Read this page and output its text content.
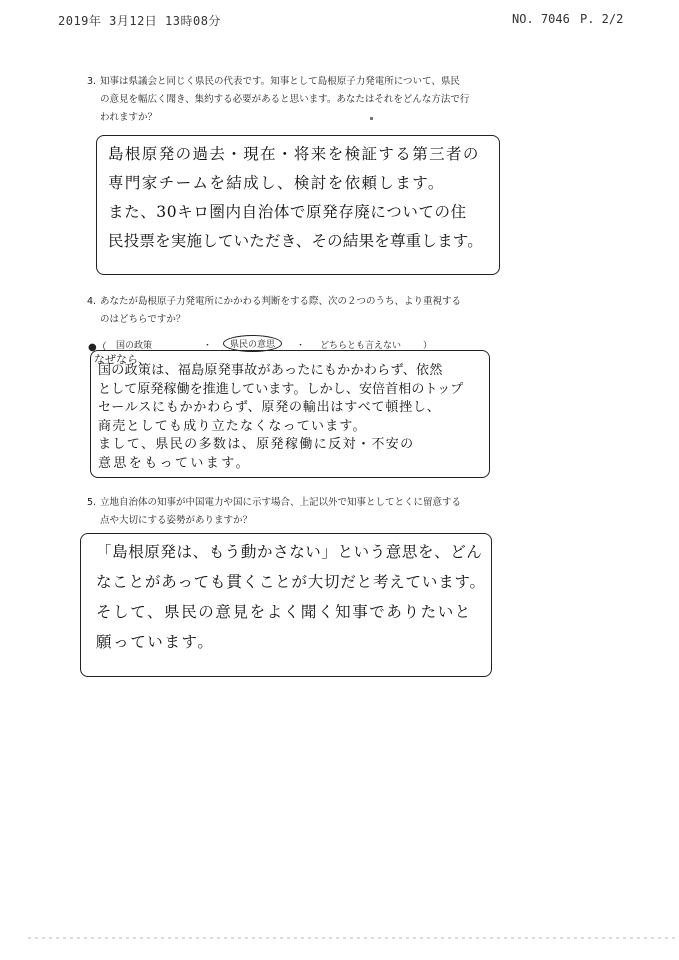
2019年 3月12日 13時08分	NO. 7046 P. 2/2
3. 知事は県議会と同じく県民の代表です。知事として島根原子力発電所について、県民
の意見を幅広く聞き、集約する必要があると思います。あなたはそれをどんな方法で行
われますか？

島根原発の過去・現在・将来を検証する第三者の

専門家チームを結成し、検討を依頼します。

また、30キロ圏内自治体で原発存廃についての住

民投票を実施していただき、その結果を尊重します。

4. あなたが島根原子力発電所にかかわる判断をする際、次の２つのうち、より重視する
のはどちらですか？
●（ 国の政策	・	県民の意思	・ どちらとも言えない ）
なぜなら、

国の政策は、福島原発事故があったにもかかわらず、依然

として原発稼働を推進しています。しかし、安倍首相のトップ

セールスにもかかわらず、原発の輸出はすべて頓挫し、

商売としても成り立たなくなっています。

まして、県民の多数は、原発稼働に反対・不安の

意思をもっています。

5. 立地自治体の知事が中国電力や国に示す場合、上記以外で知事としてとくに留意する
点や大切にする姿勢がありますか？

「島根原発は、もう動かさない」という意思を、どん

なことがあっても貫くことが大切だと考えています。

そして、県民の意見をよく聞く知事でありたいと

願っています。
